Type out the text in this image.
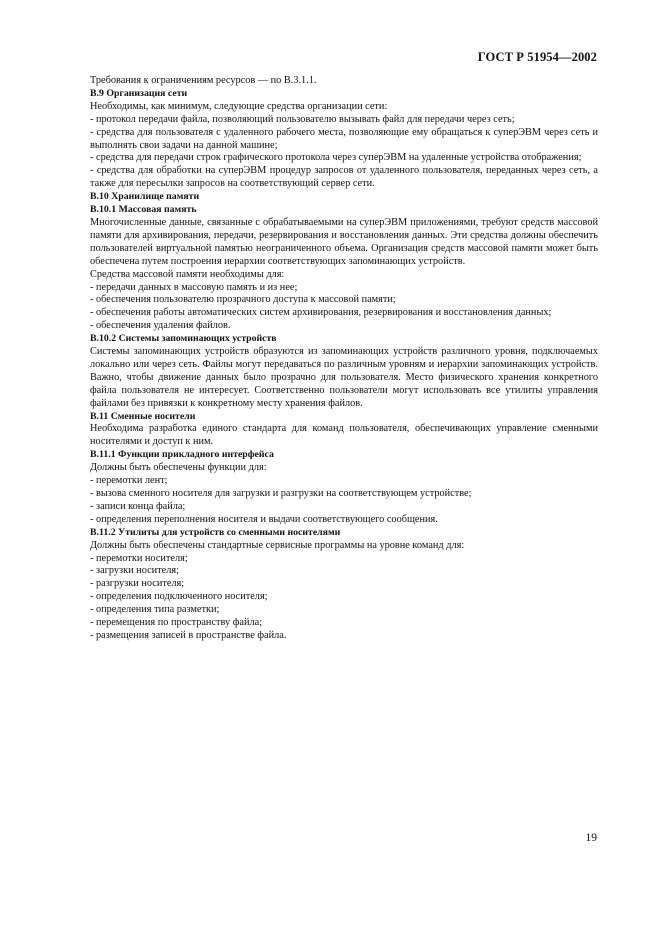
ГОСТ Р 51954—2002
Требования к ограничениям ресурсов — по В.3.1.1.
В.9 Организация сети
Необходимы, как минимум, следующие средства организации сети:
- протокол передачи файла, позволяющий пользователю вызывать файл для передачи через сеть;
- средства для пользователя с удаленного рабочего места, позволяющие ему обращаться к суперЭВМ через сеть и выполнять свои задачи на данной машине;
- средства для передачи строк графического протокола через суперЭВМ на удаленные устройства отображения;
- средства для обработки на суперЭВМ процедур запросов от удаленного пользователя, переданных через сеть, а также для пересылки запросов на соответствующий сервер сети.
В.10 Хранилище памяти
В.10.1 Массовая память
Многочисленные данные, связанные с обрабатываемыми на суперЭВМ приложениями, требуют средств массовой памяти для архивирования, передачи, резервирования и восстановления данных. Эти средства должны обеспечить пользователей виртуальной памятью неограниченного объема. Организация средств массовой памяти может быть обеспечена путем построения иерархии соответствующих запоминающих устройств.
Средства массовой памяти необходимы для:
- передачи данных в массовую память и из нее;
- обеспечения пользователю прозрачного доступа к массовой памяти;
- обеспечения работы автоматических систем архивирования, резервирования и восстановления данных;
- обеспечения удаления файлов.
В.10.2 Системы запоминающих устройств
Системы запоминающих устройств образуются из запоминающих устройств различного уровня, подключаемых локально или через сеть. Файлы могут передаваться по различным уровням и иерархии запоминающих устройств. Важно, чтобы движение данных было прозрачно для пользователя. Место физического хранения конкретного файла пользователя не интересует. Соответственно пользователи могут использовать все утилиты управления файлами без привязки к конкретному месту хранения файлов.
В.11 Сменные носители
Необходима разработка единого стандарта для команд пользователя, обеспечивающих управление сменными носителями и доступ к ним.
В.11.1 Функции прикладного интерфейса
Должны быть обеспечены функции для:
- перемотки лент;
- вызова сменного носителя для загрузки и разгрузки на соответствующем устройстве;
- записи конца файла;
- определения переполнения носителя и выдачи соответствующего сообщения.
В.11.2 Утилиты для устройств со сменными носителями
Должны быть обеспечены стандартные сервисные программы на уровне команд для:
- перемотки носителя;
- загрузки носителя;
- разгрузки носителя;
- определения подключенного носителя;
- определения типа разметки;
- перемещения по пространству файла;
- размещения записей в пространстве файла.
19
